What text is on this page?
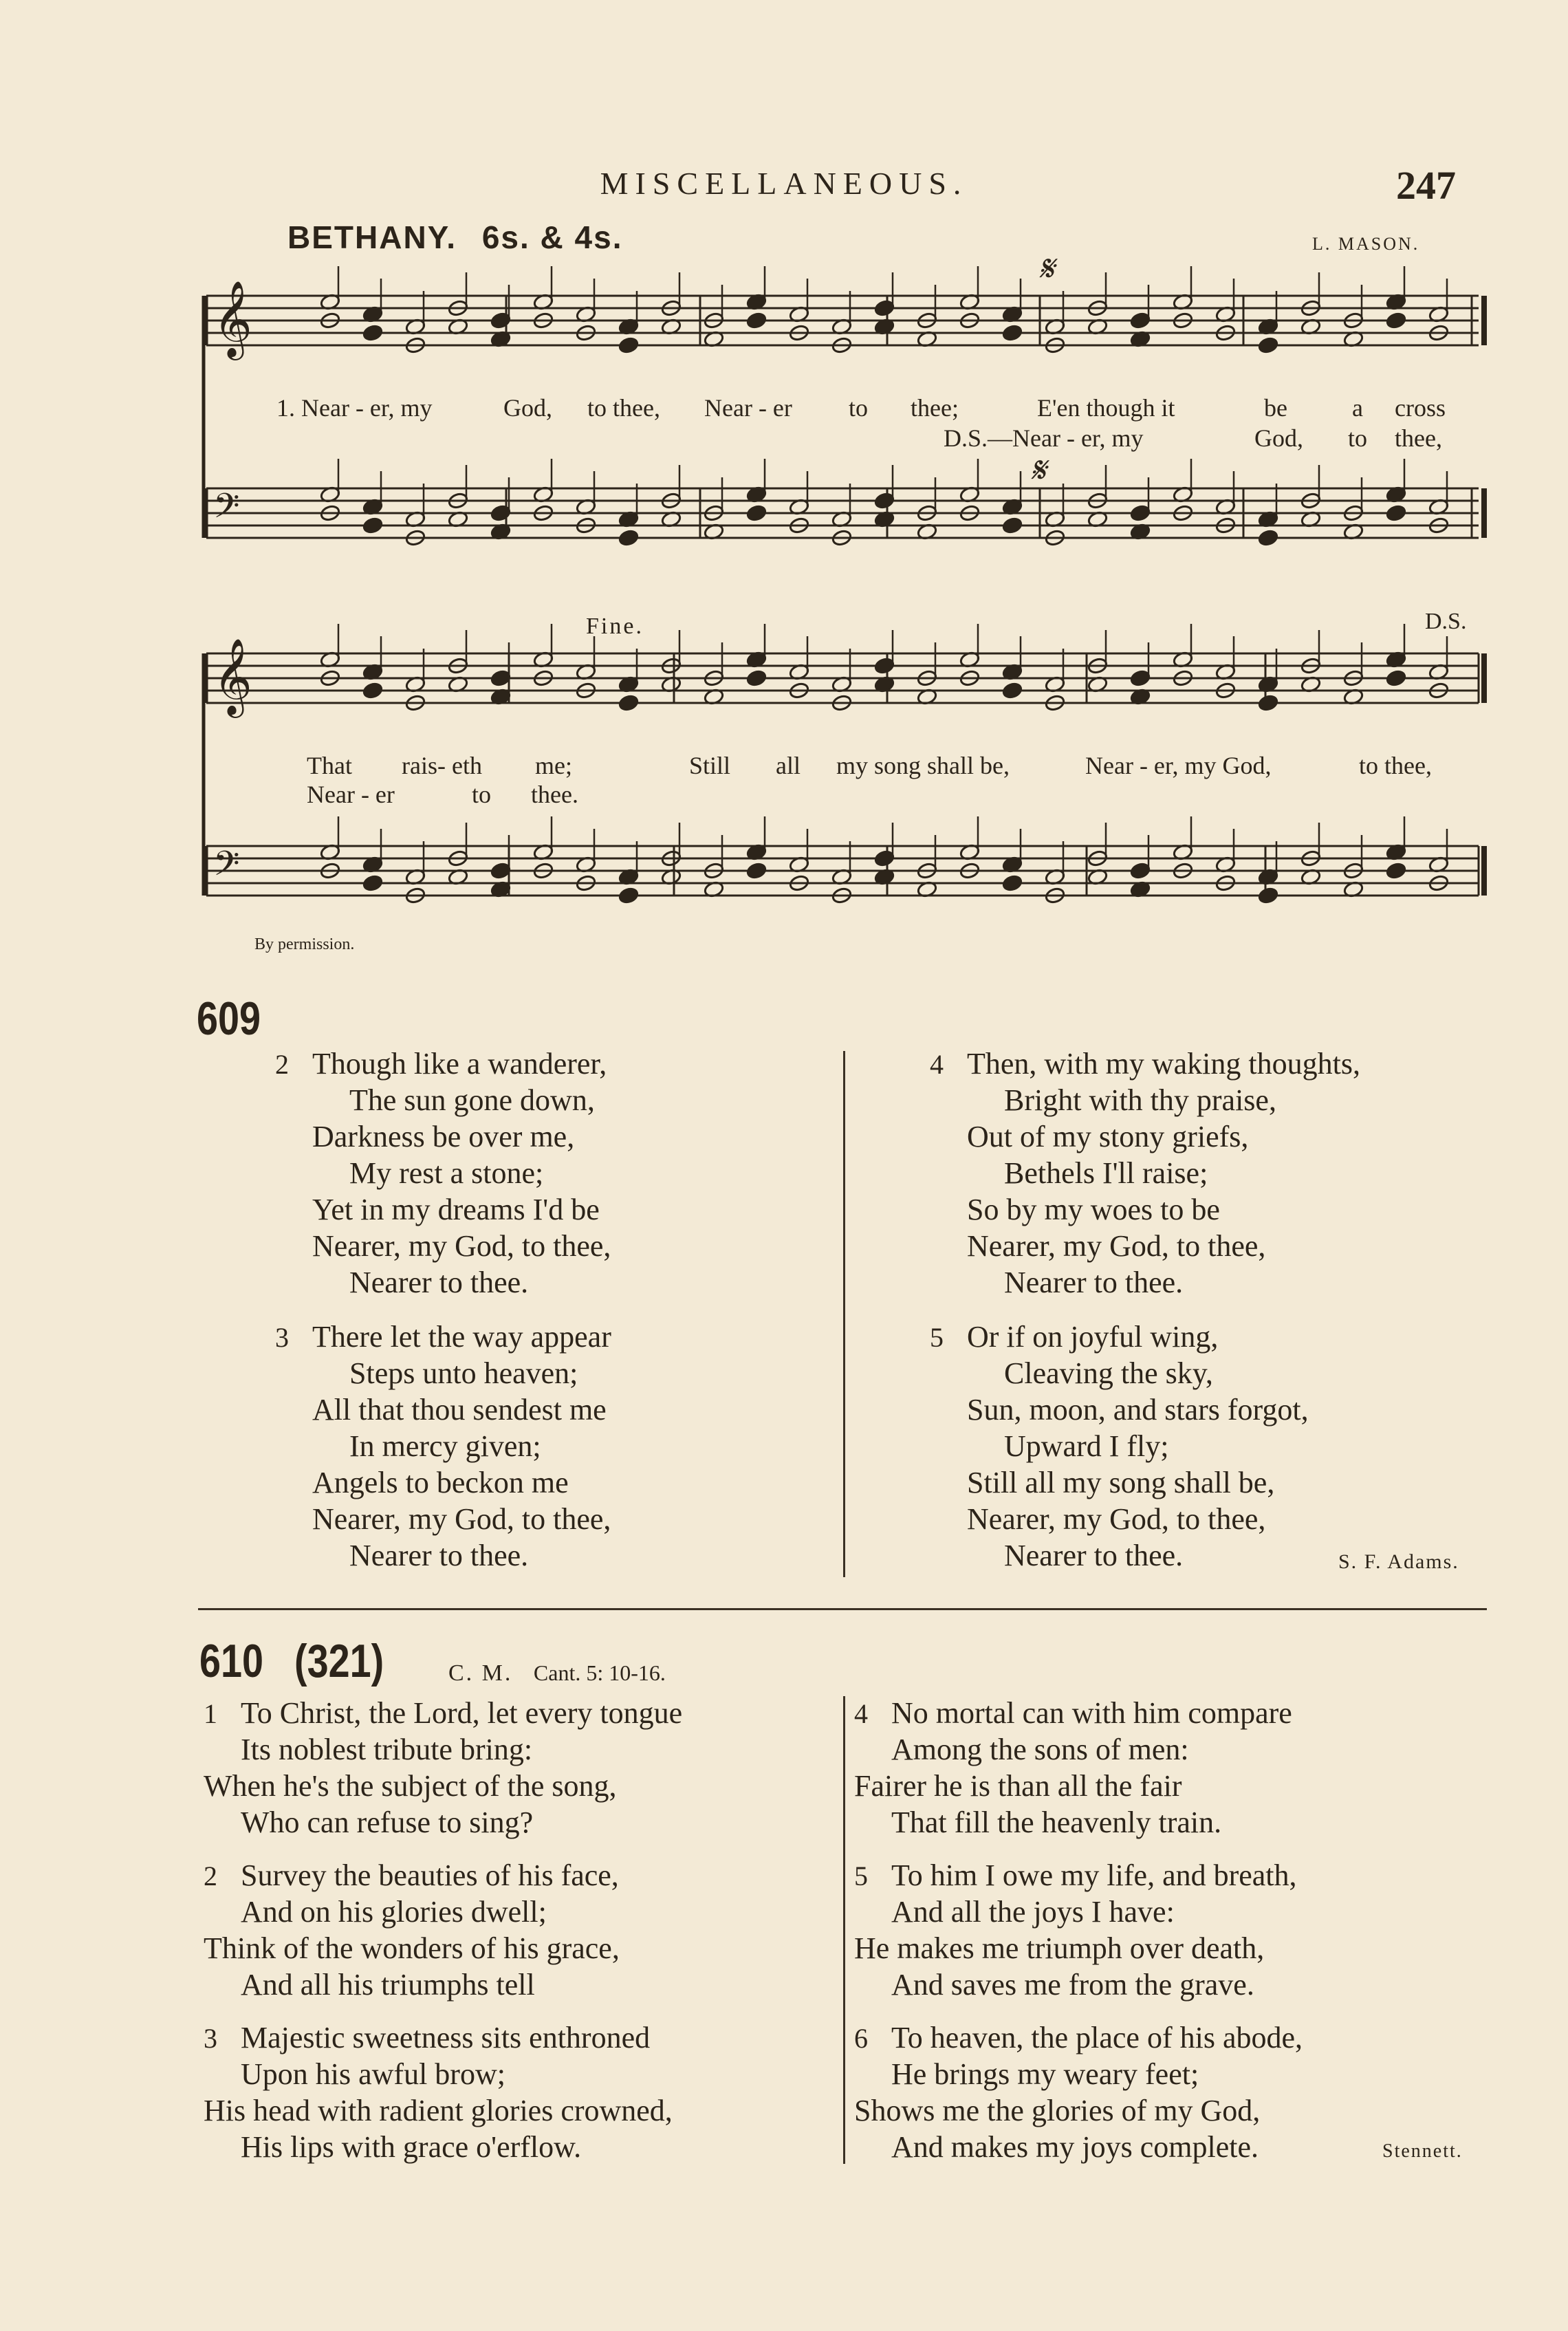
MISCELLANEOUS.	247
BETHANY. 6s. & 4s.	L. MASON.
𝄞
𝄢
𝄞
𝄢
𝄋
𝄋
Fine.	D.S.
1. Near - er, my	God, to thee, Near - er to thee;	E'en though it	be	a cross
D.S.—Near - er, my	God, to thee,
That rais- eth me;	Still all my song shall be,	Near - er, my God,	to thee,
Near - er	to thee.
By permission.
609
2 Though like a wanderer,
The sun gone down,
Darkness be over me,
My rest a stone;
Yet in my dreams I'd be
Nearer, my God, to thee,
Nearer to thee.
3 There let the way appear
Steps unto heaven;
All that thou sendest me
In mercy given;
Angels to beckon me
Nearer, my God, to thee,
Nearer to thee.
4 Then, with my waking thoughts,
Bright with thy praise,
Out of my stony griefs,
Bethels I'll raise;
So by my woes to be
Nearer, my God, to thee,
Nearer to thee.
5 Or if on joyful wing,
Cleaving the sky,
Sun, moon, and stars forgot,
Upward I fly;
Still all my song shall be,
Nearer, my God, to thee,
Nearer to thee.	S. F. Adams.
610 (321)	C. M. Cant. 5: 10-16.
1 To Christ, the Lord, let every tongue
Its noblest tribute bring:
When he's the subject of the song,
Who can refuse to sing?
2 Survey the beauties of his face,
And on his glories dwell;
Think of the wonders of his grace,
And all his triumphs tell
3 Majestic sweetness sits enthroned
Upon his awful brow;
His head with radient glories crowned,
His lips with grace o'erflow.
4 No mortal can with him compare
Among the sons of men:
Fairer he is than all the fair
That fill the heavenly train.
5 To him I owe my life, and breath,
And all the joys I have:
He makes me triumph over death,
And saves me from the grave.
6 To heaven, the place of his abode,
He brings my weary feet;
Shows me the glories of my God,
And makes my joys complete.	Stennett.
